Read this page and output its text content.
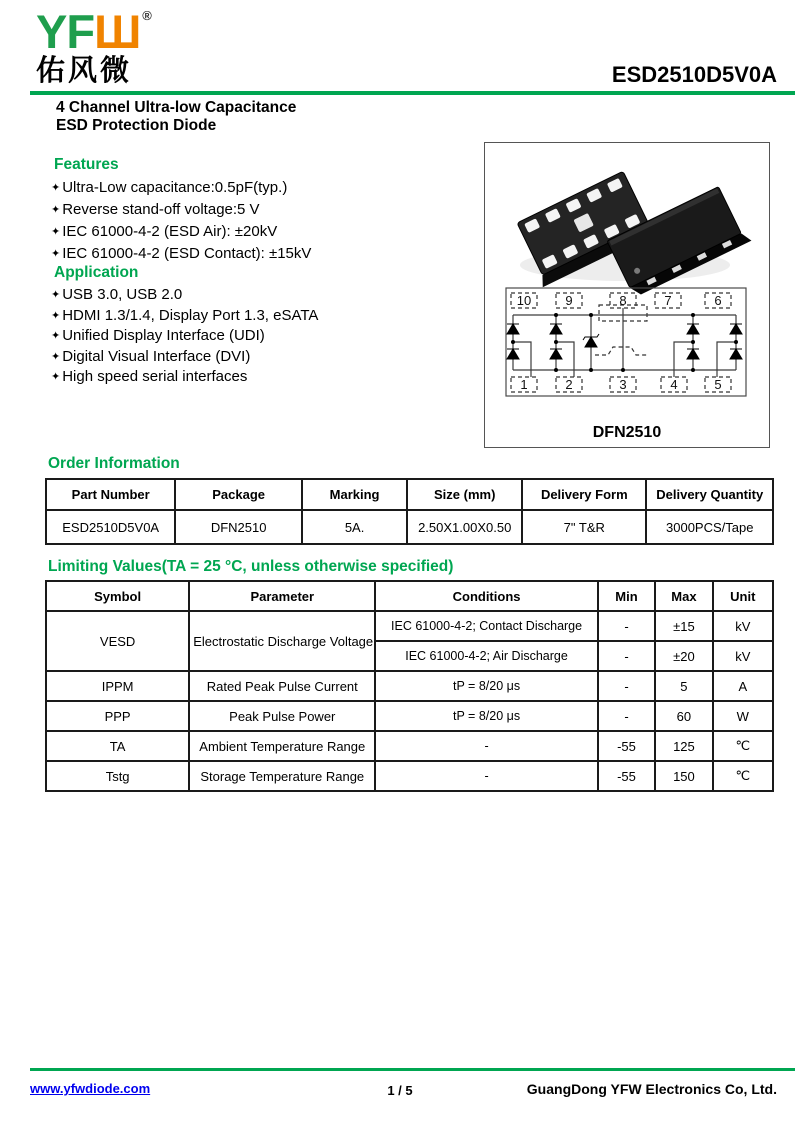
YFШ ®
佑风微	ESD2510D5V0A
4 Channel Ultra-low Capacitance
ESD Protection Diode
Features
✦ Ultra-Low capacitance:0.5pF(typ.)
✦ Reverse stand-off voltage:5 V
✦ IEC 61000-4-2 (ESD Air): ±20kV
✦ IEC 61000-4-2 (ESD Contact): ±15kV
Application
✦ USB 3.0, USB 2.0
✦ HDMI 1.3/1.4, Display Port 1.3, eSATA
✦ Unified Display Interface (UDI)
✦ Digital Visual Interface (DVI)
✦ High speed serial interfaces
10	9	8	7	6
1	2	3	4	5
DFN2510
Order Information
Part Number	Package	Marking	Size (mm)	Delivery Form	Delivery Quantity
ESD2510D5V0A	DFN2510	5A.	2.50X1.00X0.50	7" T&R	3000PCS/Tape
Limiting Values(TA = 25 °C, unless otherwise specified)
Symbol	Parameter	Conditions	Min	Max	Unit
VESD	Electrostatic Discharge Voltage	IEC 61000-4-2; Contact Discharge	-	±15	kV
		IEC 61000-4-2; Air Discharge	-	±20	kV
IPPM	Rated Peak Pulse Current	tP = 8/20 μs	-	5	A
PPP	Peak Pulse Power	tP = 8/20 μs	-	60	W
TA	Ambient Temperature Range	-	-55	125	℃
Tstg	Storage Temperature Range	-	-55	150	℃
www.yfwdiode.com	1 / 5	GuangDong YFW Electronics Co, Ltd.
